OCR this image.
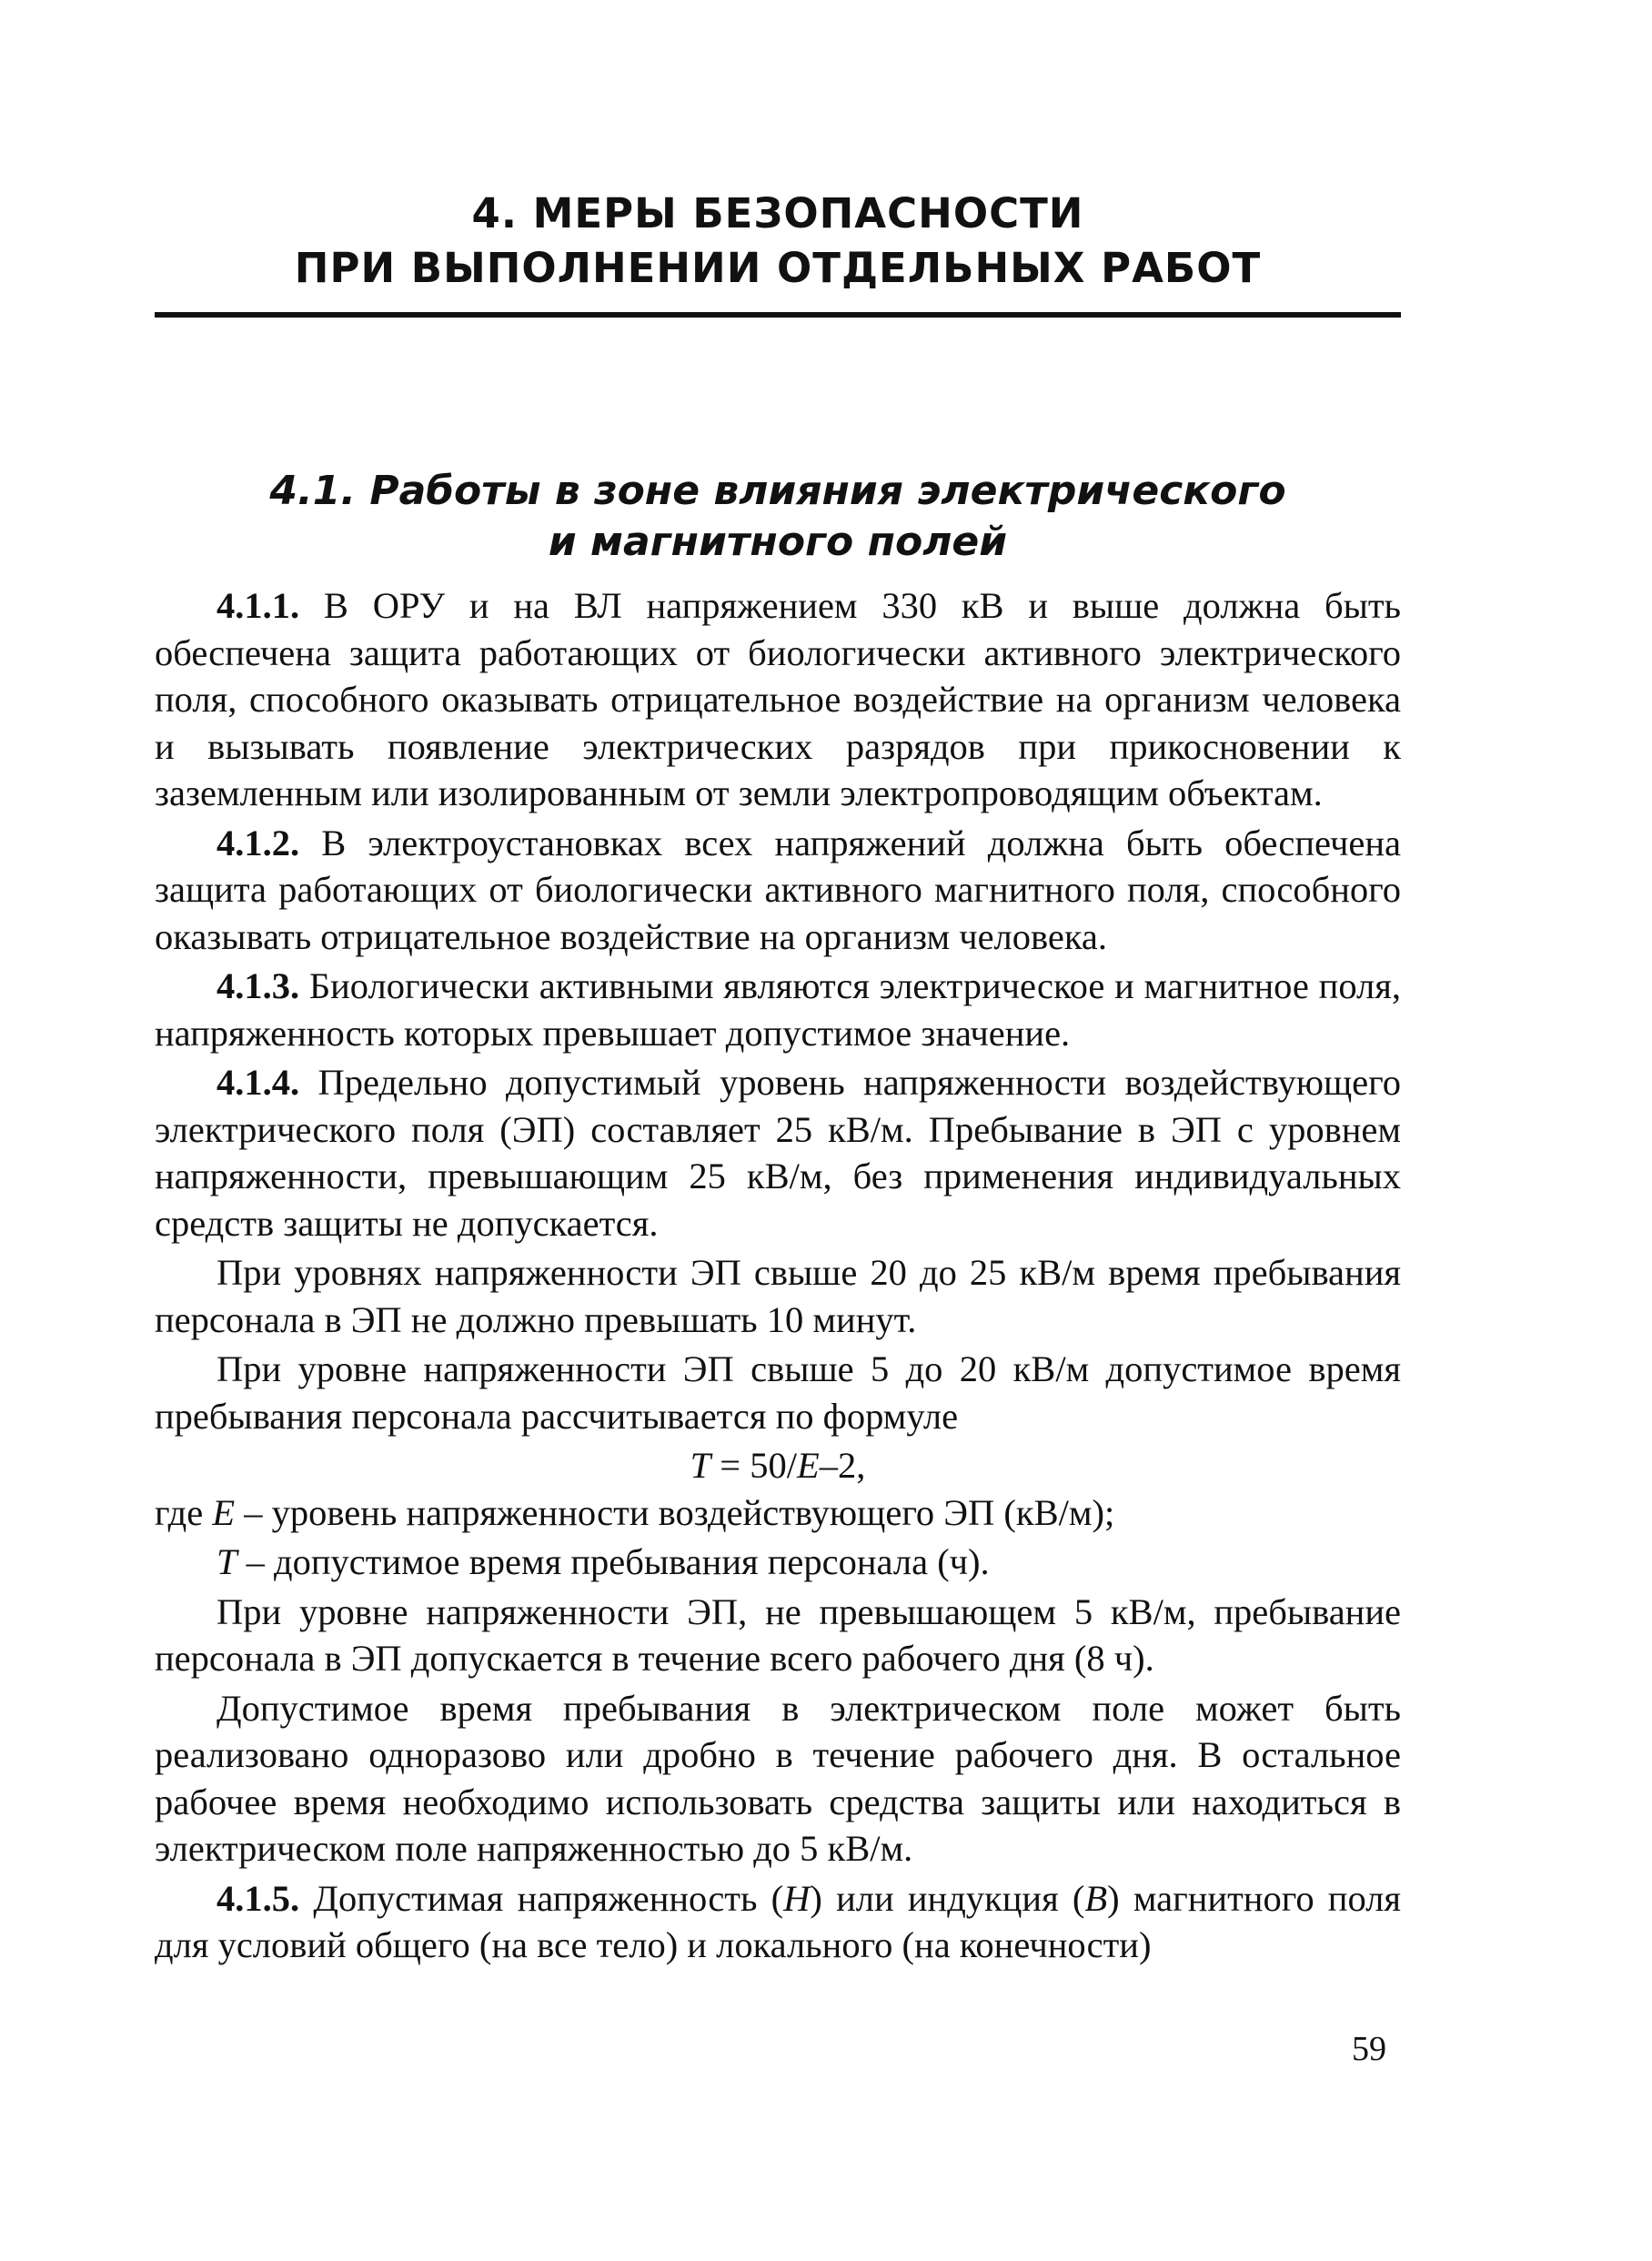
4. МЕРЫ БЕЗОПАСНОСТИ
ПРИ ВЫПОЛНЕНИИ ОТДЕЛЬНЫХ РАБОТ
4.1. Работы в зоне влияния электрического
и магнитного полей

4.1.1. В ОРУ и на ВЛ напряжением 330 кВ и выше должна быть обеспечена защита работающих от биологически активного электрического поля, способного оказывать отрицательное воздействие на организм человека и вызывать появление электрических разрядов при прикосновении к заземленным или изолированным от земли электропроводящим объектам.

4.1.2. В электроустановках всех напряжений должна быть обеспечена защита работающих от биологически активного магнитного поля, способного оказывать отрицательное воздействие на организм человека.

4.1.3. Биологически активными являются электрическое и магнитное поля, напряженность которых превышает допустимое значение.

4.1.4. Предельно допустимый уровень напряженности воздействующего электрического поля (ЭП) составляет 25 кВ/м. Пребывание в ЭП с уровнем напряженности, превышающим 25 кВ/м, без применения индивидуальных средств защиты не допускается.

При уровнях напряженности ЭП свыше 20 до 25 кВ/м время пребывания персонала в ЭП не должно превышать 10 минут.

При уровне напряженности ЭП свыше 5 до 20 кВ/м допустимое время пребывания персонала рассчитывается по формуле

T = 50/E–2,

где E – уровень напряженности воздействующего ЭП (кВ/м);

T – допустимое время пребывания персонала (ч).

При уровне напряженности ЭП, не превышающем 5 кВ/м, пребывание персонала в ЭП допускается в течение всего рабочего дня (8 ч).

Допустимое время пребывания в электрическом поле может быть реализовано одноразово или дробно в течение рабочего дня. В остальное рабочее время необходимо использовать средства защиты или находиться в электрическом поле напряженностью до 5 кВ/м.

4.1.5. Допустимая напряженность (H) или индукция (B) магнитного поля для условий общего (на все тело) и локального (на конечности)

59
